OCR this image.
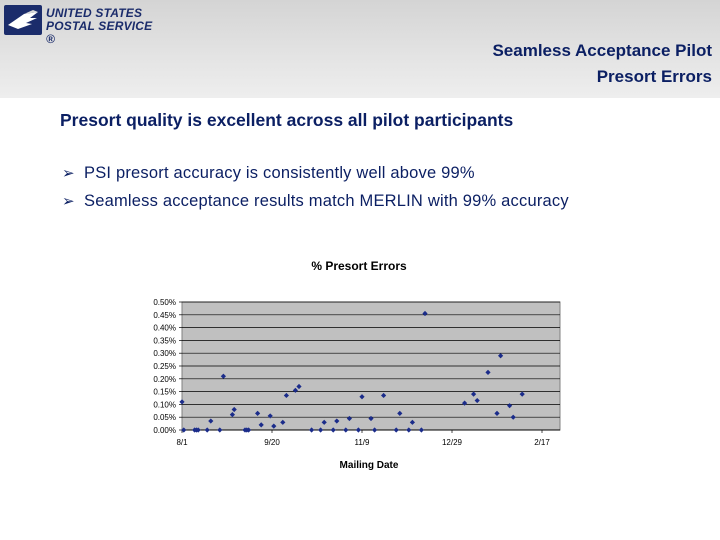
UNITED STATES
POSTAL SERVICE ®
Seamless Acceptance Pilot
Presort Errors
Presort quality is excellent across all pilot participants
➢ PSI presort accuracy is consistently well above 99%
➢ Seamless acceptance results match MERLIN with 99% accuracy
0.00%
0.05%
0.10%
0.15%
0.20%
0.25%
0.30%
0.35%
0.40%
0.45%
0.50%
8/1	9/20	11/9	12/29	2/17
% Presort Errors
Mailing Date
